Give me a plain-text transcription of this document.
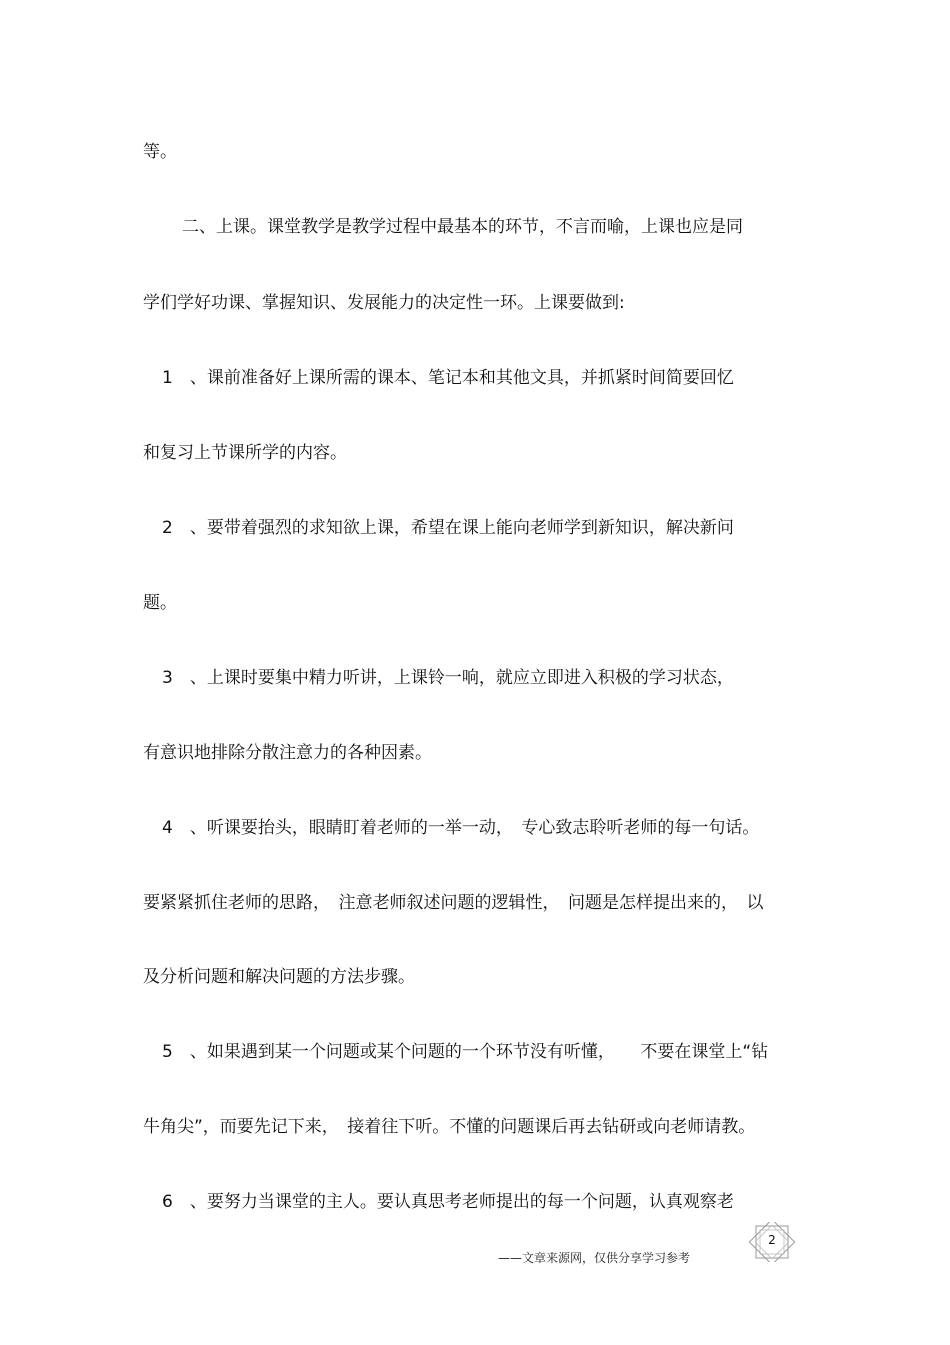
等。

二、上课。课堂教学是教学过程中最基本的环节，不言而喻，上课也应是同

学们学好功课、掌握知识、发展能力的决定性一环。上课要做到:

1　、课前准备好上课所需的课本、笔记本和其他文具，并抓紧时间简要回忆

和复习上节课所学的内容。

2　、要带着强烈的求知欲上课，希望在课上能向老师学到新知识，解决新问

题。

3　、上课时要集中精力听讲，上课铃一响，就应立即进入积极的学习状态，

有意识地排除分散注意力的各种因素。

4　、听课要抬头，眼睛盯着老师的一举一动，　专心致志聆听老师的每一句话。

要紧紧抓住老师的思路，　注意老师叙述问题的逻辑性，　问题是怎样提出来的，　以

及分析问题和解决问题的方法步骤。

5　、如果遇到某一个问题或某个问题的一个环节没有听懂，　　不要在课堂上“钻

牛角尖”，而要先记下来，　接着往下听。不懂的问题课后再去钻研或向老师请教。

6　、要努力当课堂的主人。要认真思考老师提出的每一个问题，认真观察老

2
——文章来源网，仅供分享学习参考
